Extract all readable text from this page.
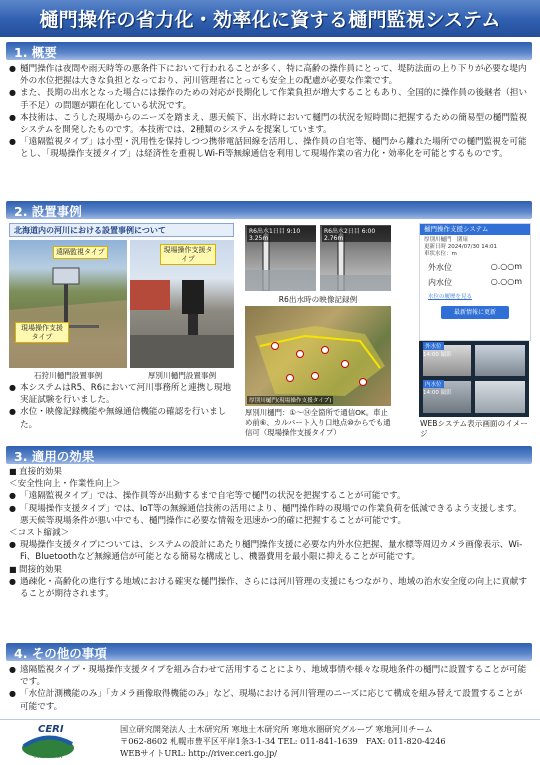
樋門操作の省力化・効率化に資する樋門監視システム
1. 概要

● 樋門操作は夜間や雨天時等の悪条件下において行われることが多く、特に高齢の操作員にとって、堤防法面の上り下りが必要な堤内外の水位把握は大きな負担となっており、河川管理者にとっても安全上の配慮が必要な作業です。

● また、長期の出水となった場合には操作のための対応が長期化して作業負担が増大することもあり、全国的に操作員の後継者（担い手不足）の問題が顕在化している状況です。

● 本技術は、こうした現場からのニーズを踏まえ、悪天候下、出水時において樋門の状況を短時間に把握するための簡易型の樋門監視システムを開発したものです。本技術では、2種類のシステムを提案しています。

● 「遠隔監視タイプ」は小型・汎用性を保持しつつ携帯電話回線を活用し、操作員の自宅等、樋門から離れた場所での樋門監視を可能とし、「現場操作支援タイプ」は経済性を重視しWi-Fi等無線通信を利用して現場作業の省力化・効率化を可能とするものです。

2. 設置事例
北海道内の河川における設置事例について
遠隔監視タイプ
現場操作支援タイプ
石狩川樋門設置事例
現場操作支援タイプ
厚別川樋門設置事例

● 本システムはR5、R6において河川事務所と連携し現地実証試験を行いました。

● 水位・映像記録機能や無線通信機能の確認を行いました。

R6出水1日目 9:10 3.25m
R6出水2日目 6:00 2.76m
R6出水時の映像記録例
厚別川樋門(現場操作支援タイプ)
厚別川樋門：①～⑭全箇所で通信OK。車止め前⑥、カルバート入り口地点⑩からでも通信可（現場操作支援タイプ）
樋門操作支援システム
厚別川樋門　 閉扉
更新日時 2024/07/30 14:01
車状水位：m
外水位	○.○○m
内水位	○.○○m
水位の履歴を見る
最新情報に更新
外水位
14:00 撮影
内水位
14:00 撮影
WEBシステム表示画面のイメージ
3. 適用の効果

■ 直接的効果

＜安全性向上・作業性向上＞

● 「遠隔監視タイプ」では、操作員等が出動するまで自宅等で樋門の状況を把握することが可能です。

● 「現場操作支援タイプ」では、IoT等の無線通信技術の活用により、樋門操作時の現場での作業負荷を低減できるよう支援します。悪天候等現場条件が悪い中でも、樋門操作に必要な情報を迅速かつ的確に把握することが可能です。

＜コスト縮減＞

● 現場操作支援タイプについては、システムの設計にあたり樋門操作支援に必要な内外水位把握、量水標等周辺カメラ画像表示、Wi-Fi、Bluetoothなど無線通信が可能となる簡易な構成とし、機器費用を最小限に抑えることが可能です。

■ 間接的効果

● 過疎化・高齢化の進行する地域における確実な樋門操作、さらには河川管理の支援にもつながり、地域の治水安全度の向上に貢献することが期待されます。

4. その他の事項

● 遠隔監視タイプ・現場操作支援タイプを組み合わせて活用することにより、地域事情や様々な現地条件の樋門に設置することが可能です。

● 「水位計測機能のみ」「カメラ画像取得機能のみ」など、現場における河川管理のニーズに応じて構成を組み替えて設置することが可能です。

CERI
COLD REGION
国立研究開発法人 土木研究所 寒地土木研究所 寒地水圏研究グループ 寒地河川チーム
〒062-8602 札幌市豊平区平岸1条3-1-34 TEL: 011-841-1639　FAX: 011-820-4246
WEBサイトURL: http://river.ceri.go.jp/
